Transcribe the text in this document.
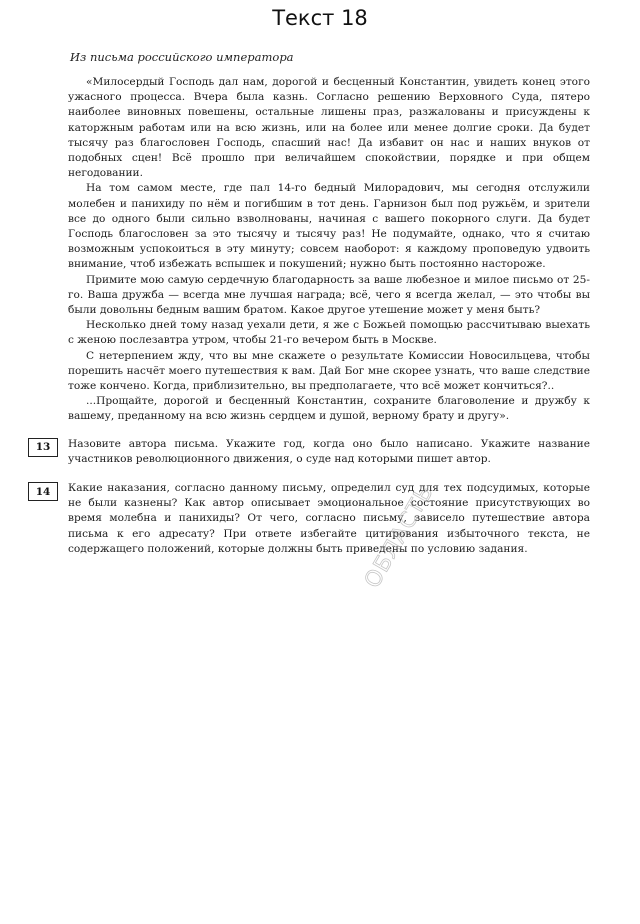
Текст 18
Из письма российского императора

«Милосердый Господь дал нам, дорогой и бесценный Константин, увидеть конец этого ужасного процесса. Вчера была казнь. Согласно решению Верховного Суда, пятеро наиболее виновных повешены, остальные лишены праз, разжалованы и присуждены к каторжным работам или на всю жизнь, или на более или менее долгие сроки. Да будет тысячу раз благословен Господь, спасший нас! Да избавит он нас и наших внуков от подобных сцен! Всё прошло при величайшем спокойствии, порядке и при общем негодовании.

На том самом месте, где пал 14-го бедный Милорадович, мы сегодня отслужили молебен и панихиду по нём и погибшим в тот день. Гарнизон был под ружьём, и зрители все до одного были сильно взволнованы, начиная с вашего покорного слуги. Да будет Господь благословен за это тысячу и тысячу раз! Не подумайте, однако, что я считаю возможным успокоиться в эту минуту; совсем наоборот: я каждому проповедую удвоить внимание, чтоб избежать вспышек и покушений; нужно быть постоянно настороже.

Примите мою самую сердечную благодарность за ваше любезное и милое письмо от 25-го. Ваша дружба — всегда мне лучшая награда; всё, чего я всегда желал, — это чтобы вы были довольны бедным вашим братом. Какое другое утешение может у меня быть?

Несколько дней тому назад уехали дети, я же с Божьей помощью рассчитываю выехать с женою послезавтра утром, чтобы 21-го вечером быть в Москве.

С нетерпением жду, что вы мне скажете о результате Комиссии Новосильцева, чтобы порешить насчёт моего путешествия к вам. Дай Бог мне скорее узнать, что ваше следствие тоже кончено. Когда, приблизительно, вы предполагаете, что всё может кончиться?..

...Прощайте, дорогой и бесценный Константин, сохраните благоволение и дружбу к вашему, преданному на всю жизнь сердцем и душой, верному брату и другу».

13	Назовите автора письма. Укажите год, когда оно было написано. Укажите название участников революционного движения, о суде над которыми пишет автор.

14	Какие наказания, согласно данному письму, определил суд для тех подсудимых, которые не были казнены? Как автор описывает эмоциональное состояние присутствующих во время молебна и панихиды? От чего, согласно письму, зависело путешествие автора письма к его адресату? При ответе избегайте цитирования избыточного текста, не содержащего положений, которые должны быть приведены по условию задания.

ОБЛАСТЬ
